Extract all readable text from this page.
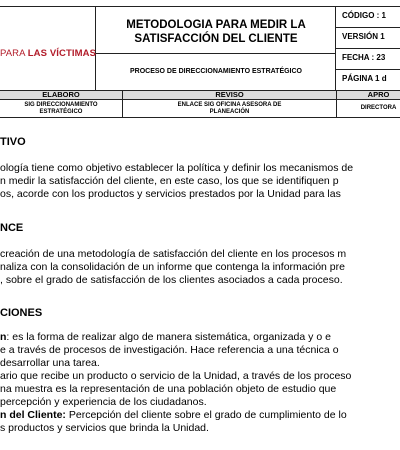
PARA LAS VÍCTIMAS
METODOLOGIA PARA MEDIR LA
SATISFACCIÓN DEL CLIENTE
PROCESO DE DIRECCIONAMIENTO ESTRATÉGICO
CÓDIGO : 1
VERSIÓN 1
FECHA : 23
PÁGINA 1 d
ELABORO	REVISO	APRO
SIG DIRECCIONAMIENTO
ESTRATÉGICO
ENLACE SIG OFICINA ASESORA DE
PLANEACIÓN
DIRECTORA
TIVO
ología tiene como objetivo establecer la política y definir los mecanismos de
n medir la satisfacción del cliente, en este caso, los que se identifiquen p
os, acorde con los productos y servicios prestados por la Unidad para las
NCE
creación de una metodología de satisfacción del cliente en los procesos m
naliza con la consolidación de un informe que contenga la información pre
, sobre el grado de satisfacción de los clientes asociados a cada proceso.
CIONES
n: es la forma de realizar algo de manera sistemática, organizada y o e
e a través de procesos de investigación. Hace referencia a una técnica o
desarrollar una tarea.
ario que recibe un producto o servicio de la Unidad, a través de los proceso
na muestra es la representación de una población objeto de estudio que
percepción y experiencia de los ciudadanos.
n del Cliente: Percepción del cliente sobre el grado de cumplimiento de lo
s productos y servicios que brinda la Unidad.
